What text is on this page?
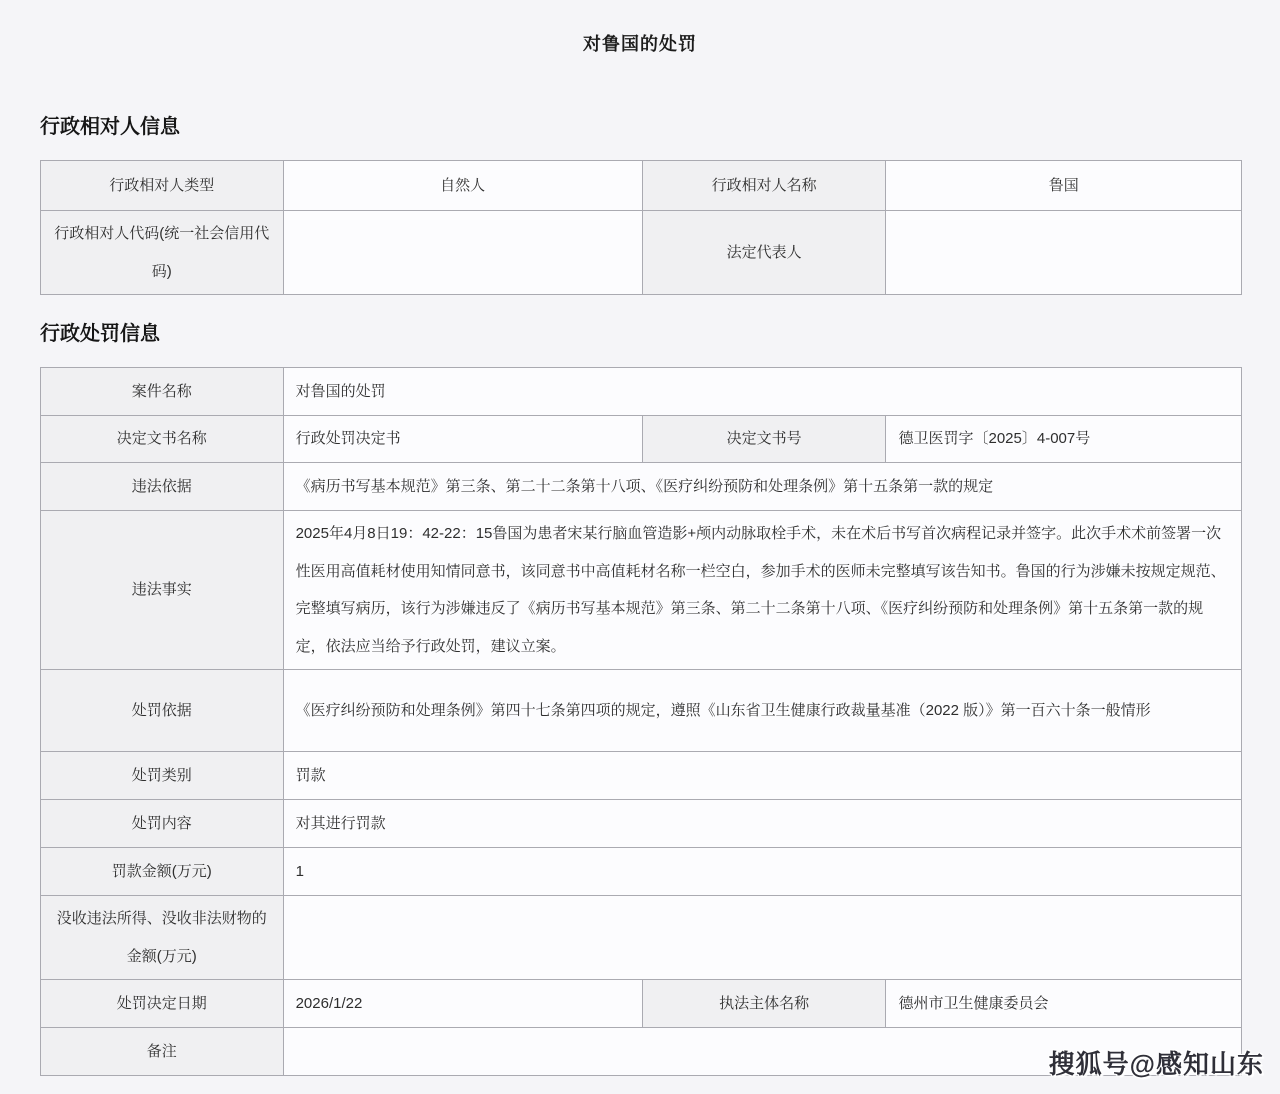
对鲁国的处罚
行政相对人信息
行政相对人类型	自然人	行政相对人名称	鲁国
行政相对人代码(统一社会信用代码)		法定代表人	
行政处罚信息
案件名称	对鲁国的处罚		
决定文书名称	行政处罚决定书	决定文书号	德卫医罚字〔2025〕4-007号
违法依据	《病历书写基本规范》第三条、第二十二条第十八项、《医疗纠纷预防和处理条例》第十五条第一款的规定		
违法事实	2025年4月8日19：42-22：15鲁国为患者宋某行脑血管造影+颅内动脉取栓手术，未在术后书写首次病程记录并签字。此次手术术前签署一次性医用高值耗材使用知情同意书，该同意书中高值耗材名称一栏空白，参加手术的医师未完整填写该告知书。鲁国的行为涉嫌未按规定规范、完整填写病历，该行为涉嫌违反了《病历书写基本规范》第三条、第二十二条第十八项、《医疗纠纷预防和处理条例》第十五条第一款的规定，依法应当给予行政处罚，建议立案。		
处罚依据	《医疗纠纷预防和处理条例》第四十七条第四项的规定，遵照《山东省卫生健康行政裁量基准（2022 版）》第一百六十条一般情形		
处罚类别	罚款		
处罚内容	对其进行罚款		
罚款金额(万元)	1		
没收违法所得、没收非法财物的金额(万元)			
处罚决定日期	2026/1/22	执法主体名称	德州市卫生健康委员会
备注				搜狐号@感知山东
